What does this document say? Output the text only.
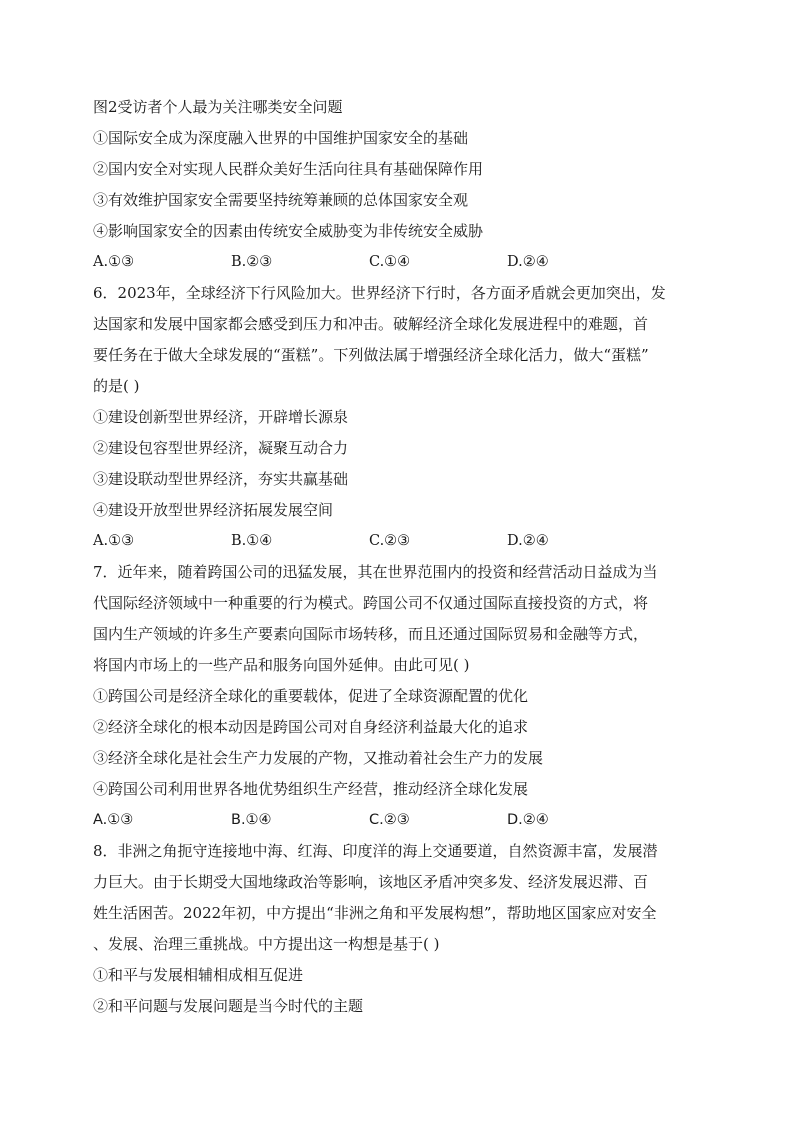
图2受访者个人最为关注哪类安全问题
①国际安全成为深度融入世界的中国维护国家安全的基础
②国内安全对实现人民群众美好生活向往具有基础保障作用
③有效维护国家安全需要坚持统筹兼顾的总体国家安全观
④影响国家安全的因素由传统安全威胁变为非传统安全威胁
A.①③	B.②③	C.①④	D.②④
6．2023年，全球经济下行风险加大。世界经济下行时，各方面矛盾就会更加突出，发
达国家和发展中国家都会感受到压力和冲击。破解经济全球化发展进程中的难题，首
要任务在于做大全球发展的“蛋糕”。下列做法属于增强经济全球化活力，做大“蛋糕”
的是( )
①建设创新型世界经济，开辟增长源泉
②建设包容型世界经济，凝聚互动合力
③建设联动型世界经济，夯实共赢基础
④建设开放型世界经济拓展发展空间
A.①③	B.①④	C.②③	D.②④
7．近年来，随着跨国公司的迅猛发展，其在世界范围内的投资和经营活动日益成为当
代国际经济领域中一种重要的行为模式。跨国公司不仅通过国际直接投资的方式，将
国内生产领域的许多生产要素向国际市场转移，而且还通过国际贸易和金融等方式，
将国内市场上的一些产品和服务向国外延伸。由此可见( )
①跨国公司是经济全球化的重要载体，促进了全球资源配置的优化
②经济全球化的根本动因是跨国公司对自身经济利益最大化的追求
③经济全球化是社会生产力发展的产物，又推动着社会生产力的发展
④跨国公司利用世界各地优势组织生产经营，推动经济全球化发展
A.①③	B.①④	C.②③	D.②④
8．非洲之角扼守连接地中海、红海、印度洋的海上交通要道，自然资源丰富，发展潜
力巨大。由于长期受大国地缘政治等影响，该地区矛盾冲突多发、经济发展迟滞、百
姓生活困苦。2022年初，中方提出“非洲之角和平发展构想”，帮助地区国家应对安全
、发展、治理三重挑战。中方提出这一构想是基于( )
①和平与发展相辅相成相互促进
②和平问题与发展问题是当今时代的主题
